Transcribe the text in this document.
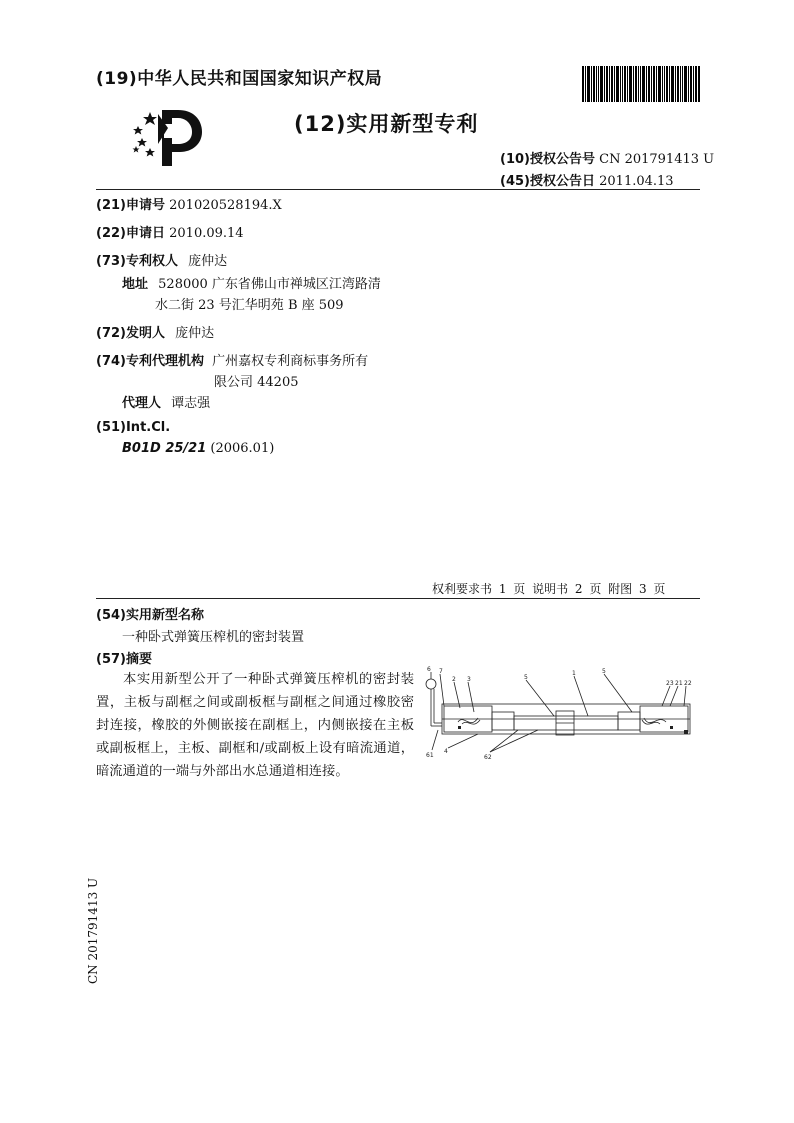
(19)中华人民共和国国家知识产权局
(12)实用新型专利
(10)授权公告号 CN 201791413 U
(45)授权公告日 2011.04.13
(21)申请号 201020528194.X
(22)申请日 2010.09.14
(73)专利权人 庞仲达
地址 528000 广东省佛山市禅城区江湾路清
水二街 23 号汇华明苑 B 座 509
(72)发明人 庞仲达
(74)专利代理机构 广州嘉权专利商标事务所有
限公司 44205
代理人 谭志强
(51)Int.Cl.
B01D 25/21 (2006.01)
权利要求书 1 页 说明书 2 页 附图 3 页
(54)实用新型名称
一种卧式弹簧压榨机的密封装置
(57)摘要
本实用新型公开了一种卧式弹簧压榨机的密封装置，主板与副框之间或副板框与副框之间通过橡胶密封连接，橡胶的外侧嵌接在副框上，内侧嵌接在主板或副板框上，主板、副框和/或副板上设有暗流通道，暗流通道的一端与外部出水总通道相连接。
6 7
2 3	5
1	5
23 21 22
61
4
62
CN 201791413 U
